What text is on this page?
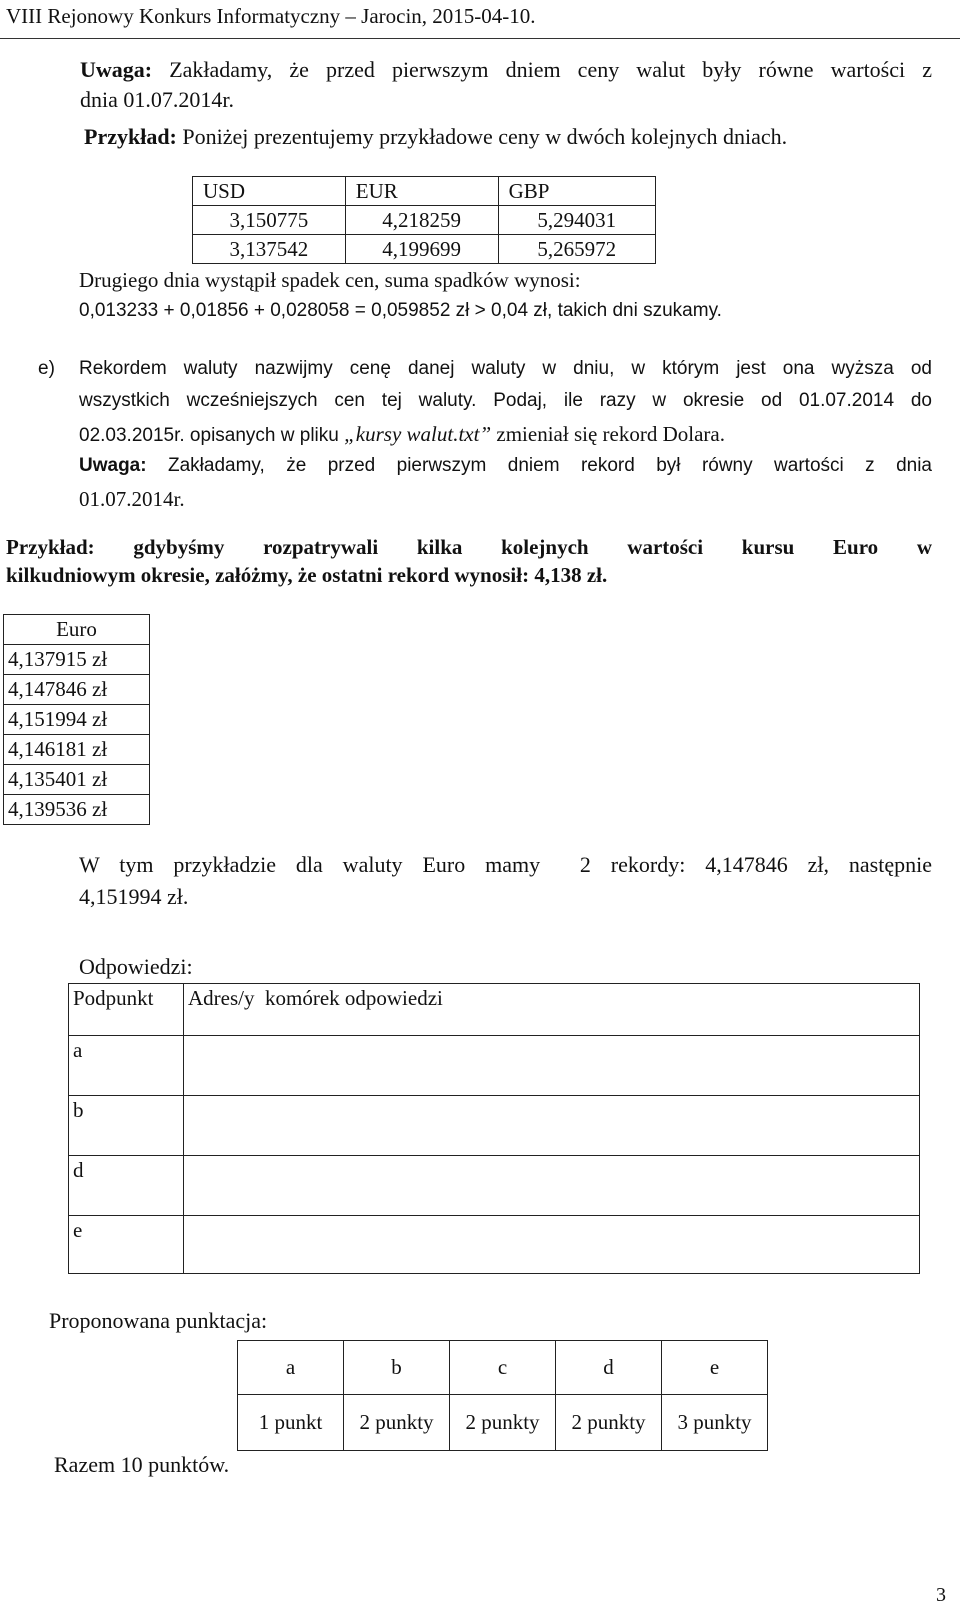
VIII Rejonowy Konkurs Informatyczny – Jarocin, 2015-04-10.
Uwaga: Zakładamy, że przed pierwszym dniem ceny walut były równe wartości z
dnia 01.07.2014r.
Przykład: Poniżej prezentujemy przykładowe ceny w dwóch kolejnych dniach.
USD	EUR	GBP
3,150775	4,218259	5,294031
3,137542	4,199699	5,265972
Drugiego dnia wystąpił spadek cen, suma spadków wynosi:
0,013233 + 0,01856 + 0,028058 = 0,059852 zł > 0,04 zł, takich dni szukamy.
e) Rekordem waluty nazwijmy cenę danej waluty w dniu, w którym jest ona wyższa od
wszystkich wcześniejszych cen tej waluty. Podaj, ile razy w okresie od 01.07.2014 do
02.03.2015r. opisanych w pliku „kursy walut.txt” zmieniał się rekord Dolara.
Uwaga: Zakładamy, że przed pierwszym dniem rekord był równy wartości z dnia
01.07.2014r.
Przykład: gdybyśmy rozpatrywali kilka kolejnych wartości kursu Euro w
kilkudniowym okresie, załóżmy, że ostatni rekord wynosił: 4,138 zł.
Euro
4,137915 zł
4,147846 zł
4,151994 zł
4,146181 zł
4,135401 zł
4,139536 zł
W tym przykładzie dla waluty Euro mamy  2 rekordy: 4,147846 zł, następnie
4,151994 zł.
Odpowiedzi:
Podpunkt	Adres/y  komórek odpowiedzi
a	
b	
d	
e	
Proponowana punktacja:
a	b	c	d	e
1 punkt	2 punkty	2 punkty	2 punkty	3 punkty
Razem 10 punktów.
3
